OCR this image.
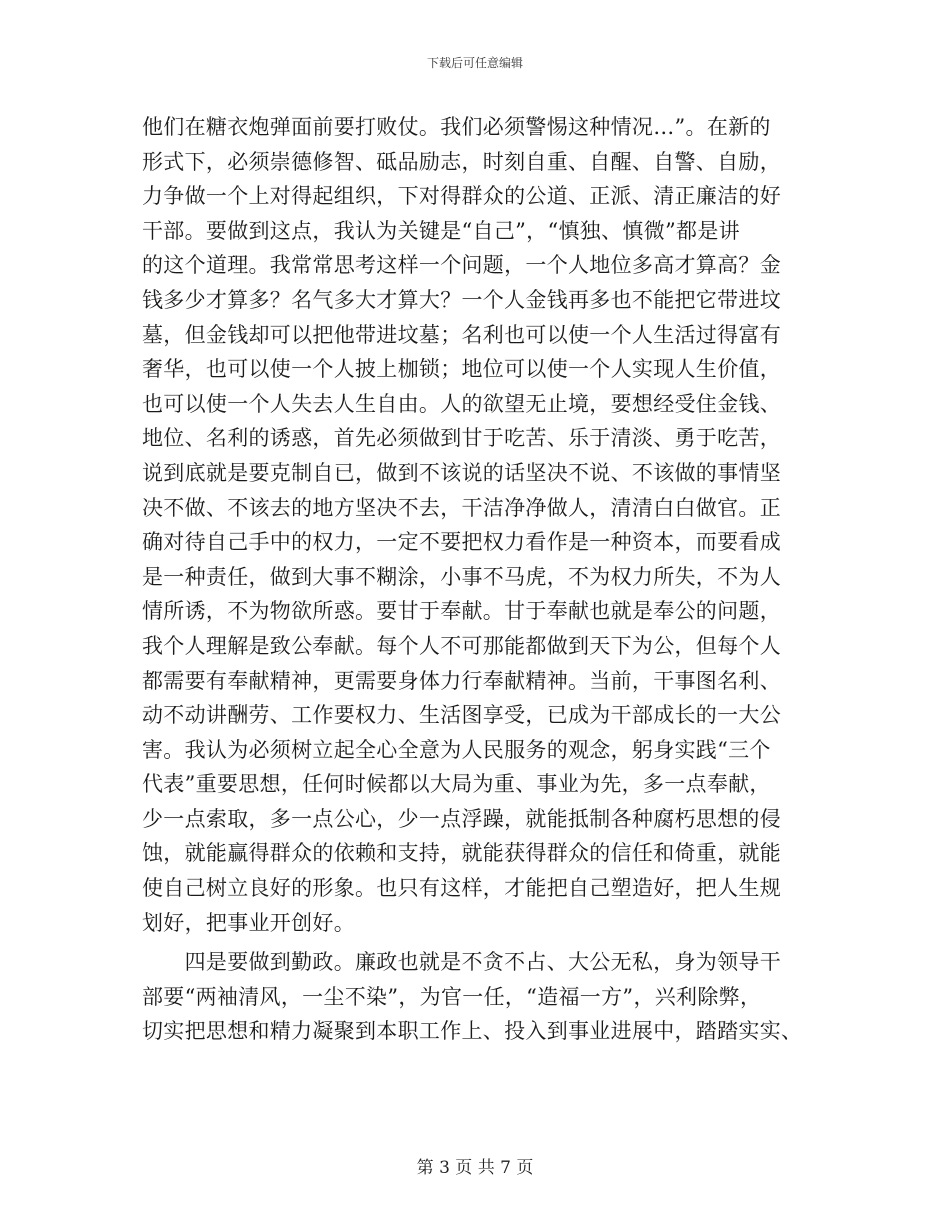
下载后可任意编辑
他们在糖衣炮弹面前要打败仗。我们必须警惕这种情况…”。在新的
形式下，必须崇德修智、砥品励志，时刻自重、自醒、自警、自励，
力争做一个上对得起组织，下对得群众的公道、正派、清正廉洁的好
干部。要做到这点，我认为关键是“自己”，“慎独、慎微”都是讲
的这个道理。我常常思考这样一个问题，一个人地位多高才算高？金
钱多少才算多？名气多大才算大？一个人金钱再多也不能把它带进坟
墓，但金钱却可以把他带进坟墓；名利也可以使一个人生活过得富有
奢华，也可以使一个人披上枷锁；地位可以使一个人实现人生价值，
也可以使一个人失去人生自由。人的欲望无止境，要想经受住金钱、
地位、名利的诱惑，首先必须做到甘于吃苦、乐于清淡、勇于吃苦，
说到底就是要克制自已，做到不该说的话坚决不说、不该做的事情坚
决不做、不该去的地方坚决不去，干洁净净做人，清清白白做官。正
确对待自己手中的权力，一定不要把权力看作是一种资本，而要看成
是一种责任，做到大事不糊涂，小事不马虎，不为权力所失，不为人
情所诱，不为物欲所惑。要甘于奉献。甘于奉献也就是奉公的问题，
我个人理解是致公奉献。每个人不可那能都做到天下为公，但每个人
都需要有奉献精神，更需要身体力行奉献精神。当前，干事图名利、
动不动讲酬劳、工作要权力、生活图享受，已成为干部成长的一大公
害。我认为必须树立起全心全意为人民服务的观念，躬身实践“三个
代表”重要思想，任何时候都以大局为重、事业为先，多一点奉献，
少一点索取，多一点公心，少一点浮躁，就能抵制各种腐朽思想的侵
蚀，就能赢得群众的依赖和支持，就能获得群众的信任和倚重，就能
使自己树立良好的形象。也只有这样，才能把自己塑造好，把人生规
划好，把事业开创好。
　　四是要做到勤政。廉政也就是不贪不占、大公无私，身为领导干
部要“两袖清风，一尘不染”，为官一任，“造福一方”，兴利除弊，
切实把思想和精力凝聚到本职工作上、投入到事业进展中，踏踏实实、
第 3 页 共 7 页
